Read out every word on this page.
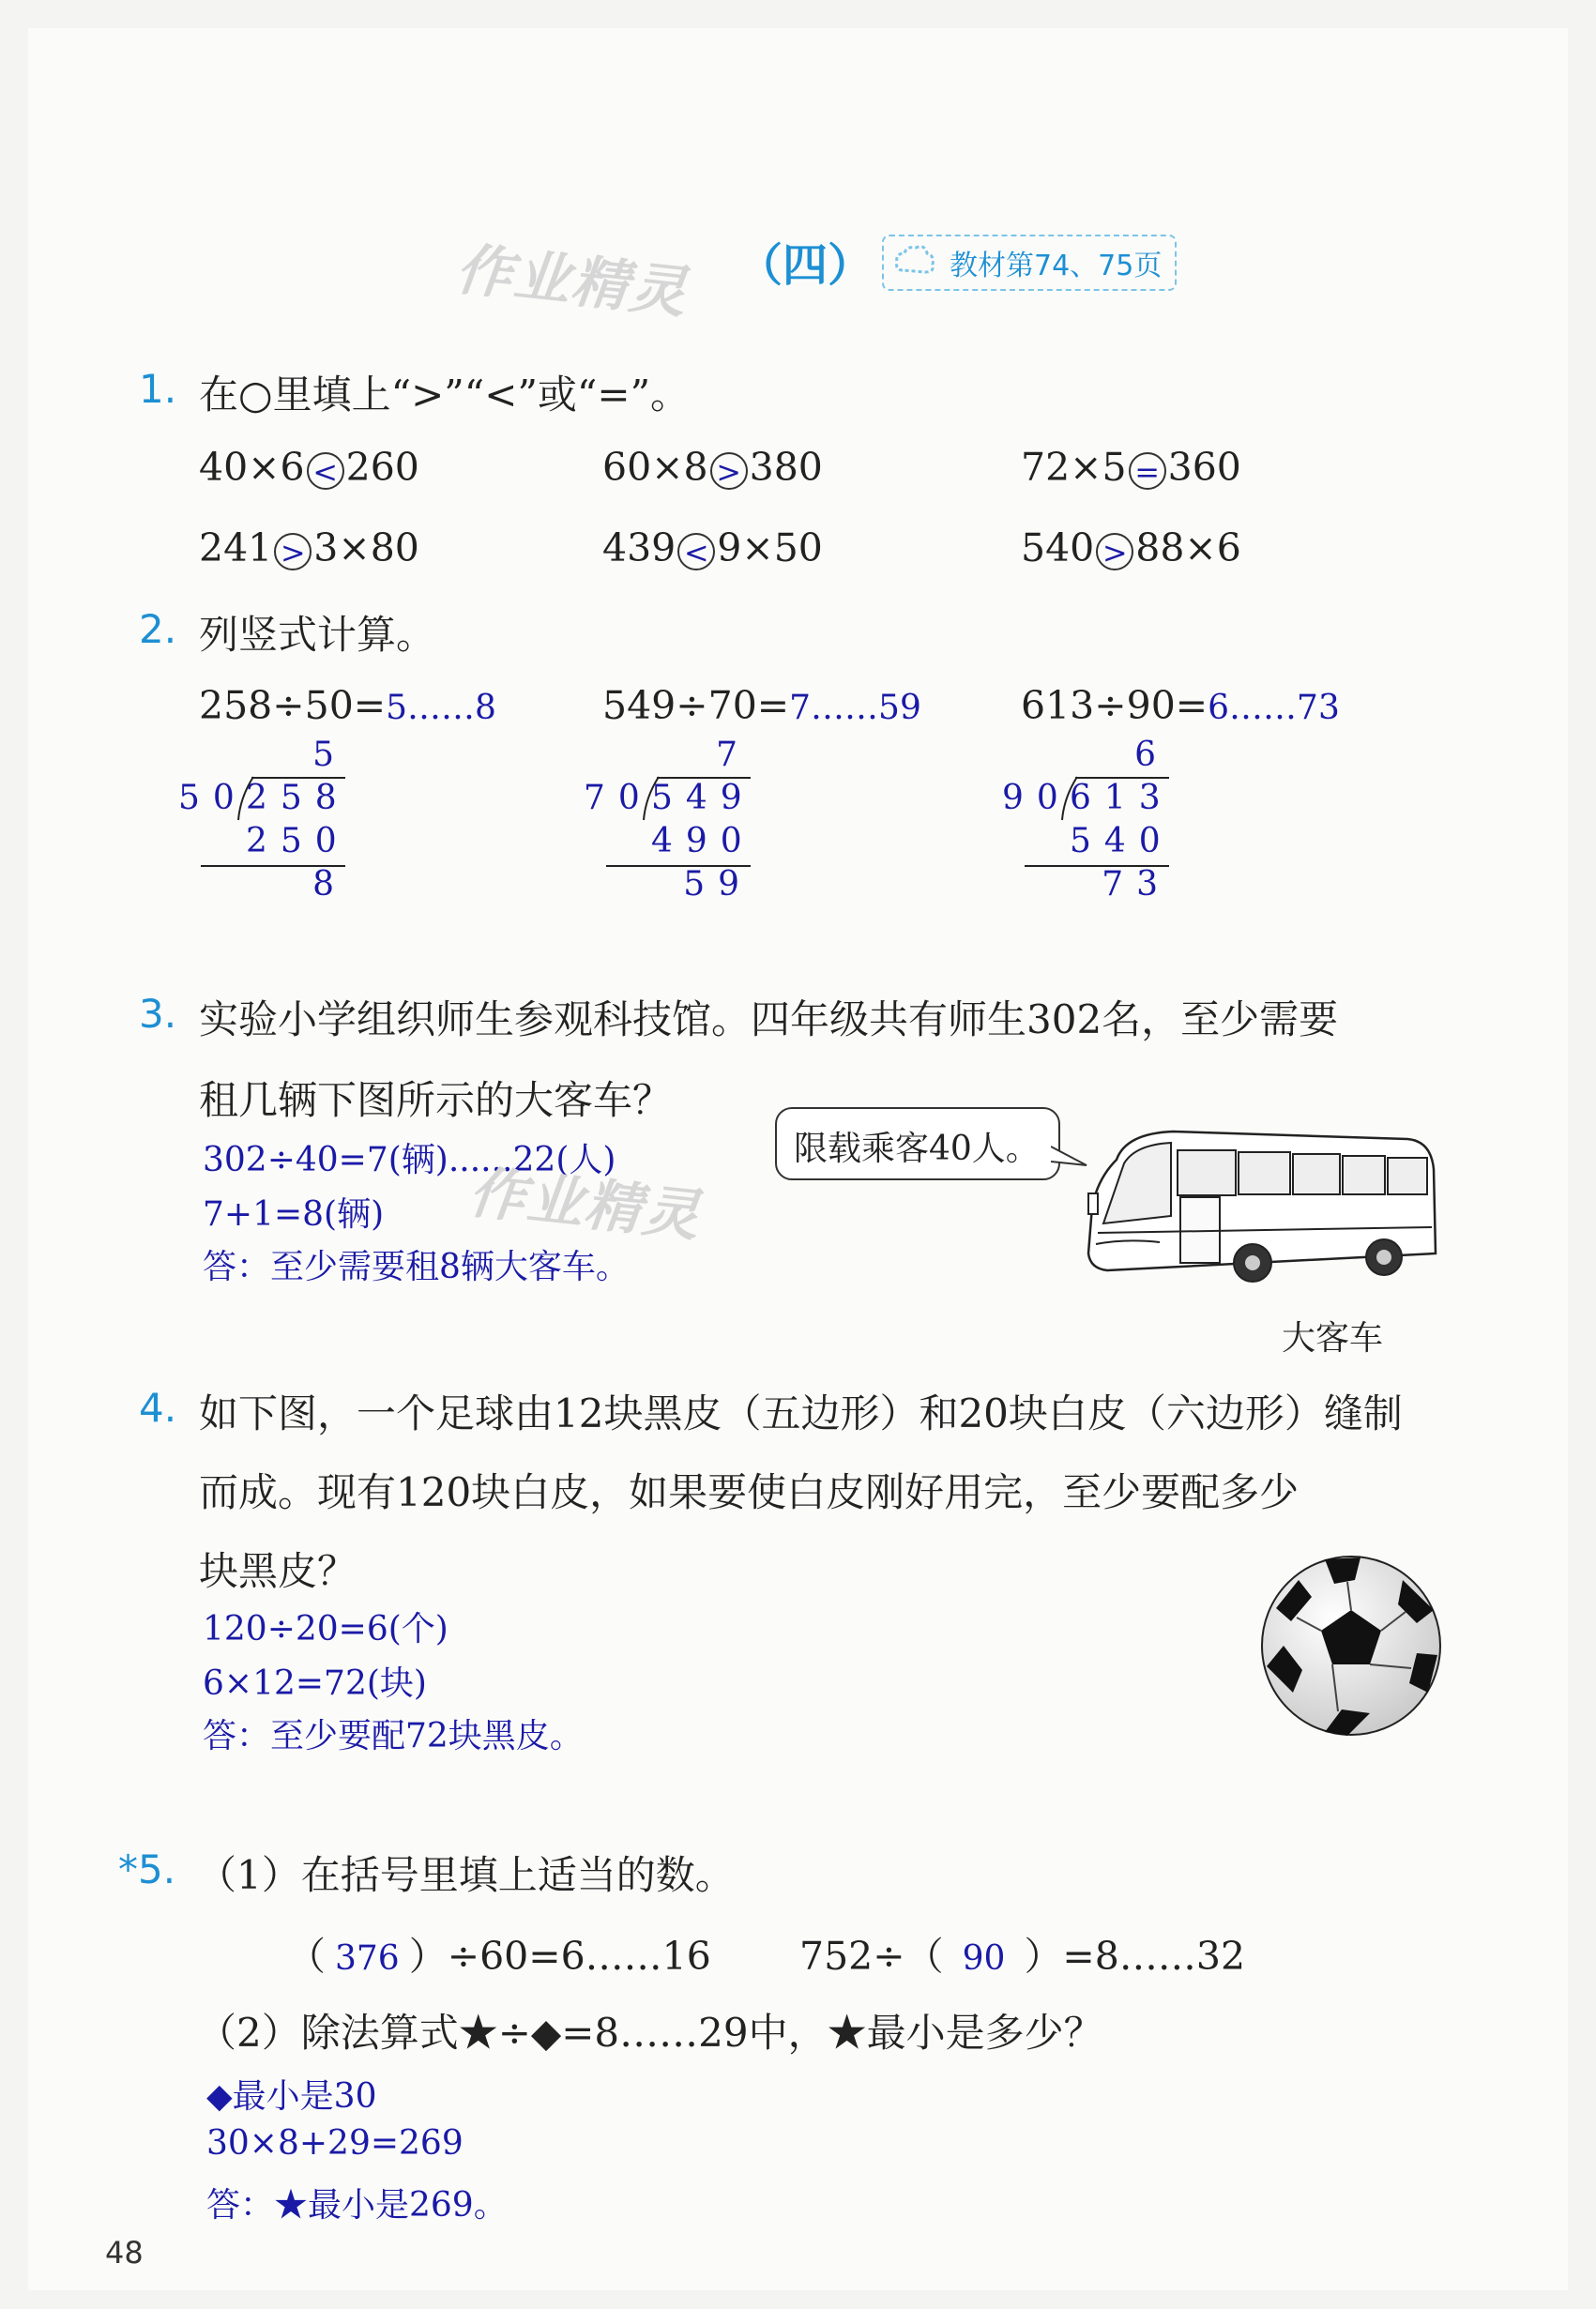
作业精灵 （四）	教材第74、75页
1. 在○里填上“>”“<”或“=”。
40×6 < 260	60×8 > 380	72×5 = 360
241 > 3×80	439 < 9×50	540 > 88×6
2. 列竖式计算。
258÷50=5……8	549÷70=7……59	613÷90=6……73
5
50
258
250
8
7
70
549
490
59
6
90
613
540
73
3. 实验小学组织师生参观科技馆。四年级共有师生302名，至少需要
租几辆下图所示的大客车？
302÷40=7(辆)......22(人)
7+1=8(辆)
答：至少需要租8辆大客车。
作业精灵
限载乘客40人。
大客车
4. 如下图，一个足球由12块黑皮（五边形）和20块白皮（六边形）缝制
而成。现有120块白皮，如果要使白皮刚好用完，至少要配多少
块黑皮？
120÷20=6(个)
6×12=72(块)
答：至少要配72块黑皮。
*5. （1）在括号里填上适当的数。
（ 376 ）÷60=6……16 752÷（ 90 ）=8……32
（2）除法算式★÷◆=8……29中，★最小是多少？
◆最小是30
30×8+29=269
答：★最小是269。
48
